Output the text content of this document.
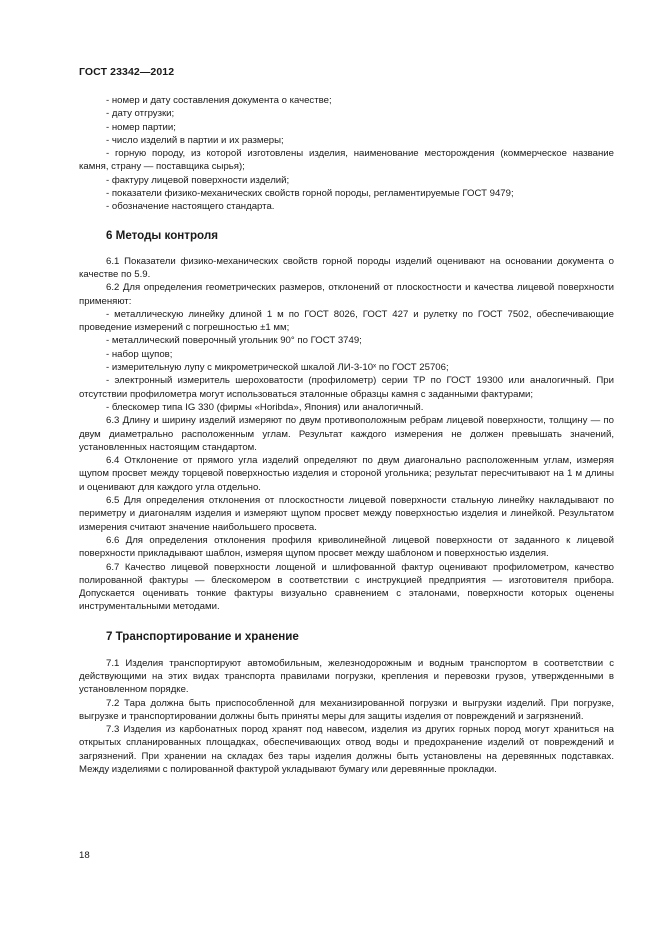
ГОСТ 23342—2012

- номер и дату составления документа о качестве;

- дату отгрузки;

- номер партии;

- число изделий в партии и их размеры;

- горную породу, из которой изготовлены изделия, наименование месторождения (коммерческое название камня, страну — поставщика сырья);

- фактуру лицевой поверхности изделий;

- показатели физико-механических свойств горной породы, регламентируемые ГОСТ 9479;

- обозначение настоящего стандарта.

6 Методы контроля

6.1 Показатели физико-механических свойств горной породы изделий оценивают на основании документа о качестве по 5.9.

6.2 Для определения геометрических размеров, отклонений от плоскостности и качества лицевой поверхности применяют:

- металлическую линейку длиной 1 м по ГОСТ 8026, ГОСТ 427 и рулетку по ГОСТ 7502, обеспечивающие проведение измерений с погрешностью ±1 мм;

- металлический поверочный угольник 90° по ГОСТ 3749;

- набор щупов;

- измерительную лупу с микрометрической шкалой ЛИ-3-10ˣ по ГОСТ 25706;

- электронный измеритель шероховатости (профилометр) серии ТР по ГОСТ 19300 или аналогичный. При отсутствии профилометра могут использоваться эталонные образцы камня с заданными фактурами;

- блескомер типа IG 330 (фирмы «Horibda», Япония) или аналогичный.

6.3 Длину и ширину изделий измеряют по двум противоположным ребрам лицевой поверхности, толщину — по двум диаметрально расположенным углам. Результат каждого измерения не должен превышать значений, установленных настоящим стандартом.

6.4 Отклонение от прямого угла изделий определяют по двум диагонально расположенным углам, измеряя щупом просвет между торцевой поверхностью изделия и стороной угольника; результат пересчитывают на 1 м длины и оценивают для каждого угла отдельно.

6.5 Для определения отклонения от плоскостности лицевой поверхности стальную линейку накладывают по периметру и диагоналям изделия и измеряют щупом просвет между поверхностью изделия и линейкой. Результатом измерения считают значение наибольшего просвета.

6.6 Для определения отклонения профиля криволинейной лицевой поверхности от заданного к лицевой поверхности прикладывают шаблон, измеряя щупом просвет между шаблоном и поверхностью изделия.

6.7 Качество лицевой поверхности лощеной и шлифованной фактур оценивают профилометром, качество полированной фактуры — блескомером в соответствии с инструкцией предприятия — изготовителя прибора. Допускается оценивать тонкие фактуры визуально сравнением с эталонами, поверхности которых оценены инструментальными методами.

7 Транспортирование и хранение

7.1 Изделия транспортируют автомобильным, железнодорожным и водным транспортом в соответствии с действующими на этих видах транспорта правилами погрузки, крепления и перевозки грузов, утвержденными в установленном порядке.

7.2 Тара должна быть приспособленной для механизированной погрузки и выгрузки изделий. При погрузке, выгрузке и транспортировании должны быть приняты меры для защиты изделия от повреждений и загрязнений.

7.3 Изделия из карбонатных пород хранят под навесом, изделия из других горных пород могут храниться на открытых спланированных площадках, обеспечивающих отвод воды и предохранение изделий от повреждений и загрязнений. При хранении на складах без тары изделия должны быть установлены на деревянных подставках. Между изделиями с полированной фактурой укладывают бумагу или деревянные прокладки.

18
